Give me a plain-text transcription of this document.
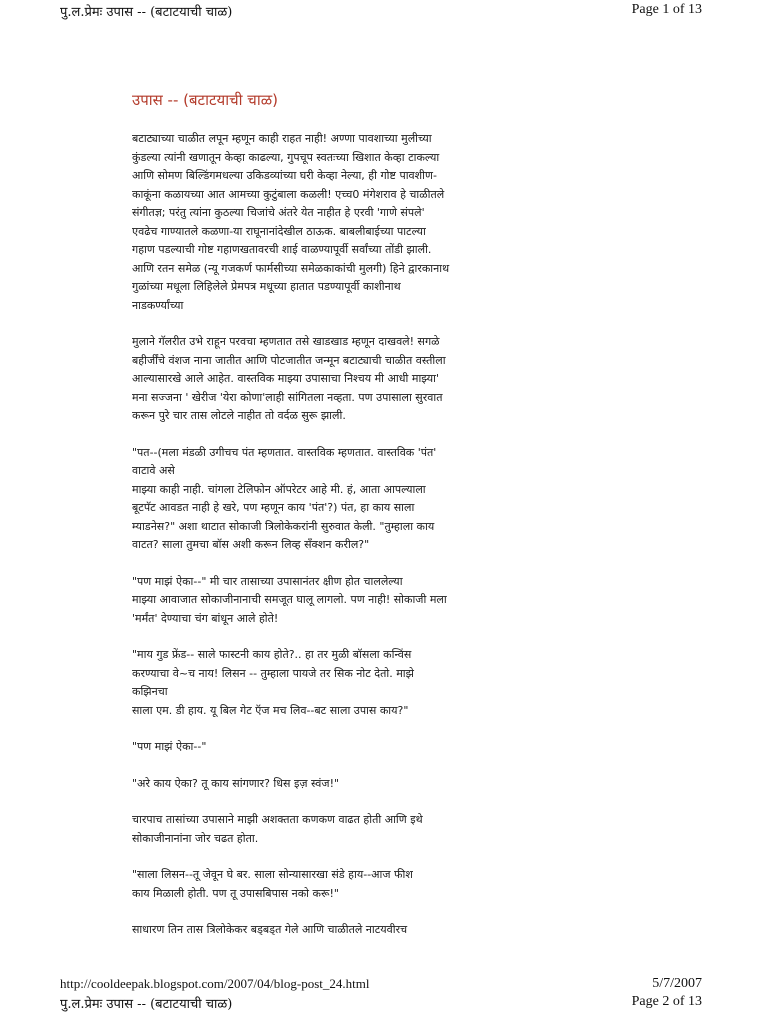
पु.ल.प्रेमः उपास -- (बटाटयाची चाळ)	Page 1 of 13
उपास -- (बटाटयाची चाळ)

बटाट्याच्या चाळीत लपून म्हणून काही राहत नाही! अण्णा पावशाच्या मुलीच्या
कुंडल्या त्यांनी खणातून केव्हा काढल्या, गुपचूप स्वतःच्या खिशात केव्हा टाकल्या
आणि सोमण बिल्डिंगमधल्या उकिडव्यांच्या घरी केव्हा नेल्या, ही गोष्ट पावशीण-
काकूंना कळायच्या आत आमच्या कुटुंबाला कळली! एच्च0 मंगेशराव हे चाळीतले
संगीतज्ञ; परंतु त्यांना कुठल्या चिजांचे अंतरे येत नाहीत हे एरवी 'गाणे संपले'
एवढेच गाण्यातले कळणा-या राघूनानांदेखील ठाऊक. बाबलीबाईच्या पाटल्या
गहाण पडल्याची गोष्ट गहाणखतावरची शाई वाळण्यापूर्वी सर्वांच्या तोंडी झाली.
आणि रतन समेळ (न्यू गजकर्ण फार्मसीच्या समेळकाकांची मुलगी) हिने द्वारकानाथ
गुळांच्या मधूला लिहिलेले प्रेमपत्र मधूच्या हातात पडण्यापूर्वी काशीनाथ
नाडकर्ण्यांच्या

मुलाने गॅलरीत उभे राहून परवचा म्हणतात तसे खाडखाड म्हणून दाखवले! सगळे
बहीर्जींचे वंशज नाना जातीत आणि पोटजातीत जन्मून बटाट्याची चाळीत वस्तीला
आल्यासारखे आले आहेत. वास्तविक माझ्या उपासाचा निश्चय मी आधी माझ्या'
मना सज्जना ' खेरीज 'येरा कोणा'लाही सांगितला नव्हता. पण उपासाला सुरवात
करून पुरे चार तास लोटले नाहीत तो वर्दळ सुरू झाली.

"पत--(मला मंडळी उगीचच पंत म्हणतात. वास्तविक म्हणतात. वास्तविक 'पंत'
वाटावे असे
माझ्या काही नाही. चांगला टेलिफोन ऑपरेटर आहे मी. हं, आता आपल्याला
बूटपॅट आवडत नाही हे खरे, पण म्हणून काय 'पंत'?) पंत, हा काय साला
म्याडनेस?" अशा थाटात सोकाजी त्रिलोकेकरांनी सुरुवात केली. "तुम्हाला काय
वाटत? साला तुमचा बॉस अशी करून लिव्ह सॅंक्शन करील?"

"पण माझं ऐका--" मी चार तासाच्या उपासानंतर क्षीण होत चाललेल्या
माझ्या आवाजात सोकाजीनानाची समजूत घालू लागलो. पण नाही! सोकाजी मला
'मर्मंत' देण्याचा चंग बांधून आले होते!

"माय गुड फ्रेंड-- साले फास्टनी काय होते?.. हा तर मुळी बॉसला कन्विंस
करण्याचा वे~च नाय! लिसन -- तुम्हाला पायजे तर सिक नोट देतो. माझे
कझिनचा
साला एम. डी हाय. यू बिल गेट ऍज मच लिव--बट साला उपास काय?"

"पण माझं ऐका--"

"अरे काय ऐका? तू काय सांगणार? धिस इज़ स्वंज!"

चारपाच तासांच्या उपासाने माझी अशक्तता कणकण वाढत होती आणि इथे
सोकाजीनानांना जोर चढत होता.

"साला लिसन--तू जेवून घे बर. साला सोन्यासारखा संडे हाय--आज फीश
काय मिळाली होती. पण तू उपासबिपास नको करू!"

साधारण तिन तास त्रिलोकेकर बड्बड्त गेले आणि चाळीतले नाटयवीरच

http://cooldeepak.blogspot.com/2007/04/blog-post_24.html	5/7/2007
पु.ल.प्रेमः उपास -- (बटाटयाची चाळ)	Page 2 of 13
